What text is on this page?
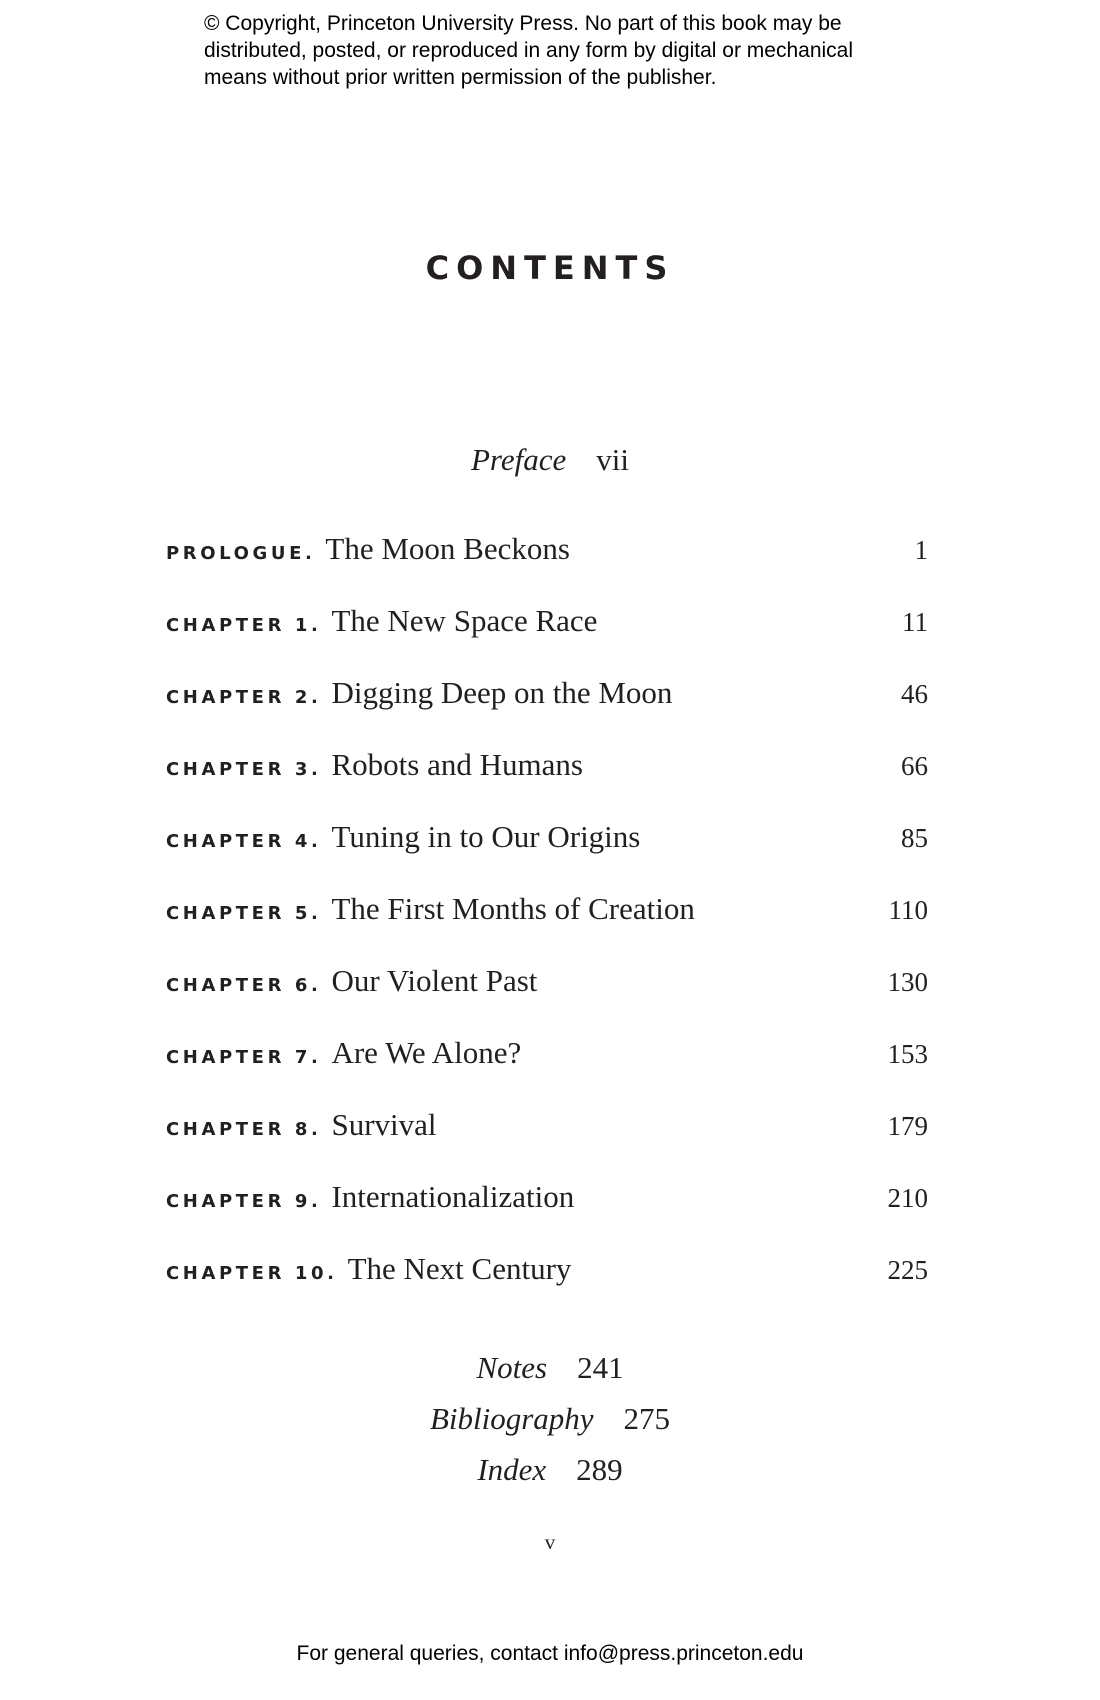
© Copyright, Princeton University Press. No part of this book may be
distributed, posted, or reproduced in any form by digital or mechanical
means without prior written permission of the publisher.
CONTENTS
Preface vii
PROLOGUE. The Moon Beckons	1
CHAPTER 1. The New Space Race	11
CHAPTER 2. Digging Deep on the Moon	46
CHAPTER 3. Robots and Humans	66
CHAPTER 4. Tuning in to Our Origins	85
CHAPTER 5. The First Months of Creation	110
CHAPTER 6. Our Violent Past	130
CHAPTER 7. Are We Alone?	153
CHAPTER 8. Survival	179
CHAPTER 9. Internationalization	210
CHAPTER 10. The Next Century	225
Notes 241
Bibliography 275
Index 289
v
For general queries, contact info@press.princeton.edu
